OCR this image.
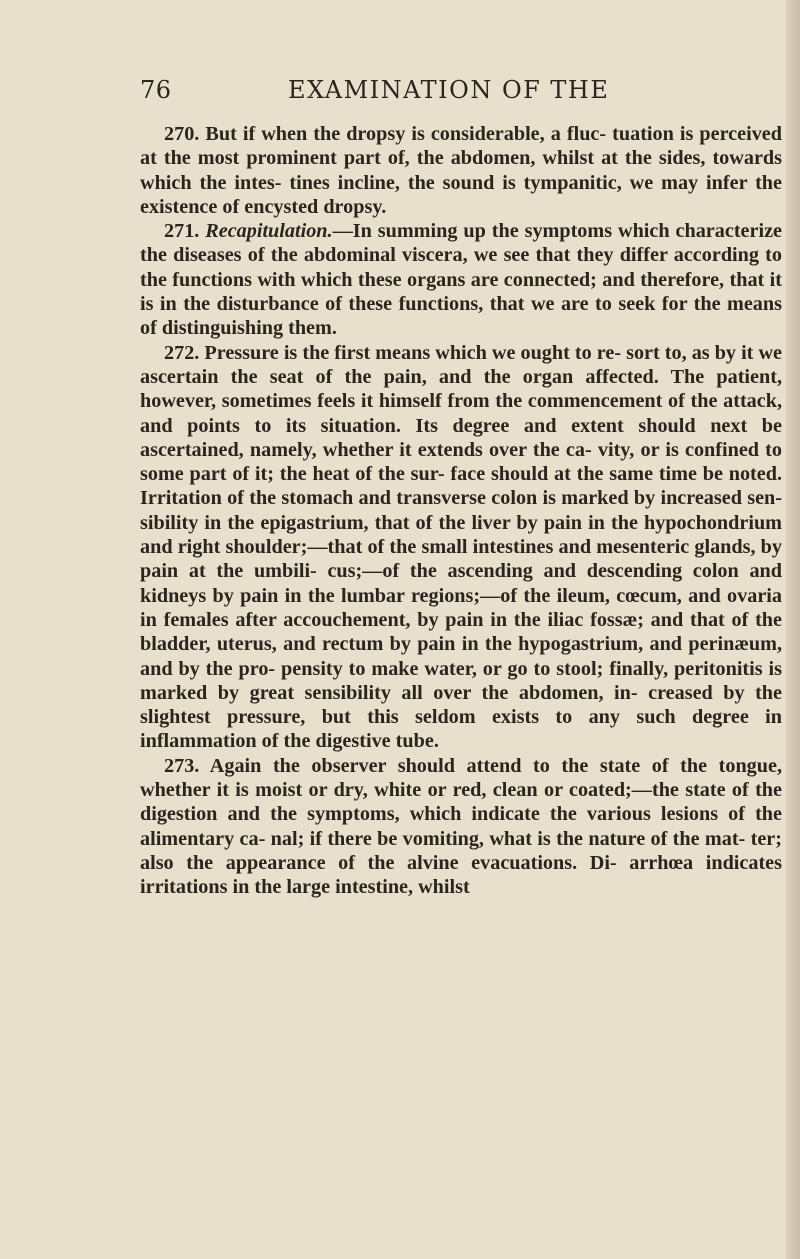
76	EXAMINATION OF THE

270. But if when the dropsy is considerable, a fluc- tuation is perceived at the most prominent part of, the abdomen, whilst at the sides, towards which the intes- tines incline, the sound is tympanitic, we may infer the existence of encysted dropsy.

271. Recapitulation.—In summing up the symptoms which characterize the diseases of the abdominal viscera, we see that they differ according to the functions with which these organs are connected; and therefore, that it is in the disturbance of these functions, that we are to seek for the means of distinguishing them.

272. Pressure is the first means which we ought to re- sort to, as by it we ascertain the seat of the pain, and the organ affected. The patient, however, sometimes feels it himself from the commencement of the attack, and points to its situation. Its degree and extent should next be ascertained, namely, whether it extends over the ca- vity, or is confined to some part of it; the heat of the sur- face should at the same time be noted. Irritation of the stomach and transverse colon is marked by increased sen- sibility in the epigastrium, that of the liver by pain in the hypochondrium and right shoulder;—that of the small intestines and mesenteric glands, by pain at the umbili- cus;—of the ascending and descending colon and kidneys by pain in the lumbar regions;—of the ileum, cœcum, and ovaria in females after accouchement, by pain in the iliac fossæ; and that of the bladder, uterus, and rectum by pain in the hypogastrium, and perinæum, and by the pro- pensity to make water, or go to stool; finally, peritonitis is marked by great sensibility all over the abdomen, in- creased by the slightest pressure, but this seldom exists to any such degree in inflammation of the digestive tube.

273. Again the observer should attend to the state of the tongue, whether it is moist or dry, white or red, clean or coated;—the state of the digestion and the symptoms, which indicate the various lesions of the alimentary ca- nal; if there be vomiting, what is the nature of the mat- ter; also the appearance of the alvine evacuations. Di- arrhœa indicates irritations in the large intestine, whilst
